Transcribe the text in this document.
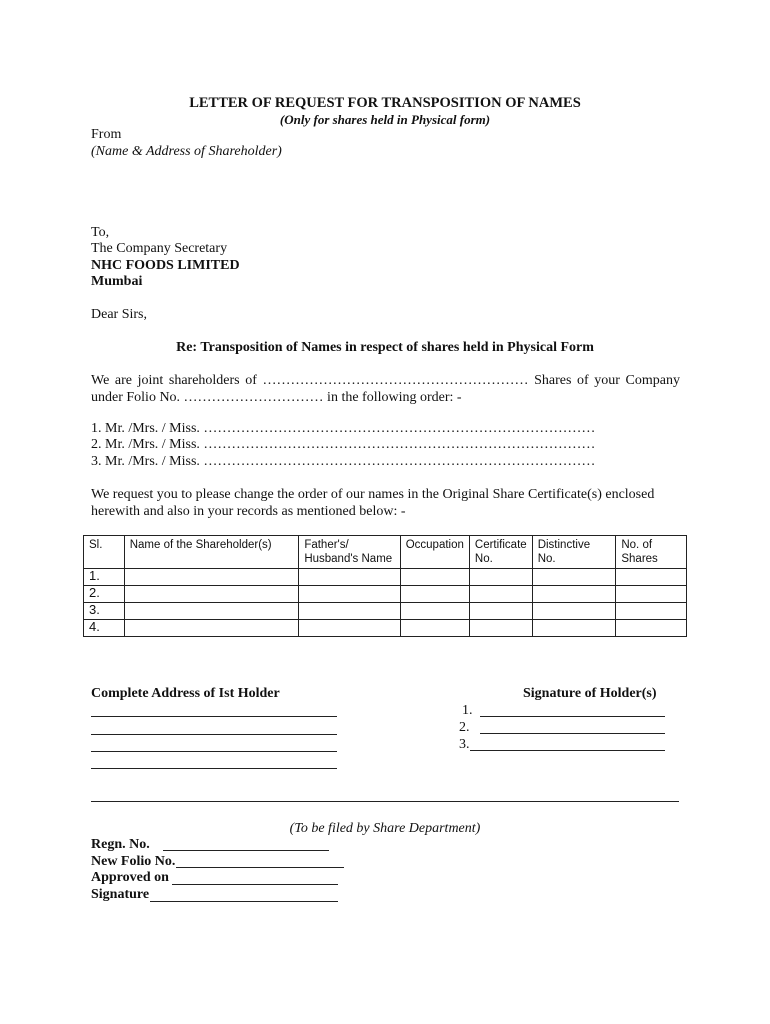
LETTER OF REQUEST FOR TRANSPOSITION OF NAMES
(Only for shares held in Physical form)
From
(Name & Address of Shareholder)
To,
The Company Secretary
NHC FOODS LIMITED
Mumbai
Dear Sirs,
Re: Transposition of Names in respect of shares held in Physical Form
We are joint shareholders of ………………………………………………… Shares of your Company under Folio No. ………………………… in the following order: -
1. Mr. /Mrs. / Miss. …………………………………………………………………………
2. Mr. /Mrs. / Miss. …………………………………………………………………………
3. Mr. /Mrs. / Miss. …………………………………………………………………………
We request you to please change the order of our names in the Original Share Certificate(s) enclosed herewith and also in your records as mentioned below: -
Sl.	Name of the Shareholder(s)	Father's/ Husband's Name	Occupation	Certificate No.	Distinctive No.	No. of Shares
1.						
2.						
3.						
4.						
Complete Address of Ist Holder	Signature of Holder(s)
1.
2.
3.
(To be filed by Share Department)
Regn. No.
New Folio No.
Approved on
Signature
